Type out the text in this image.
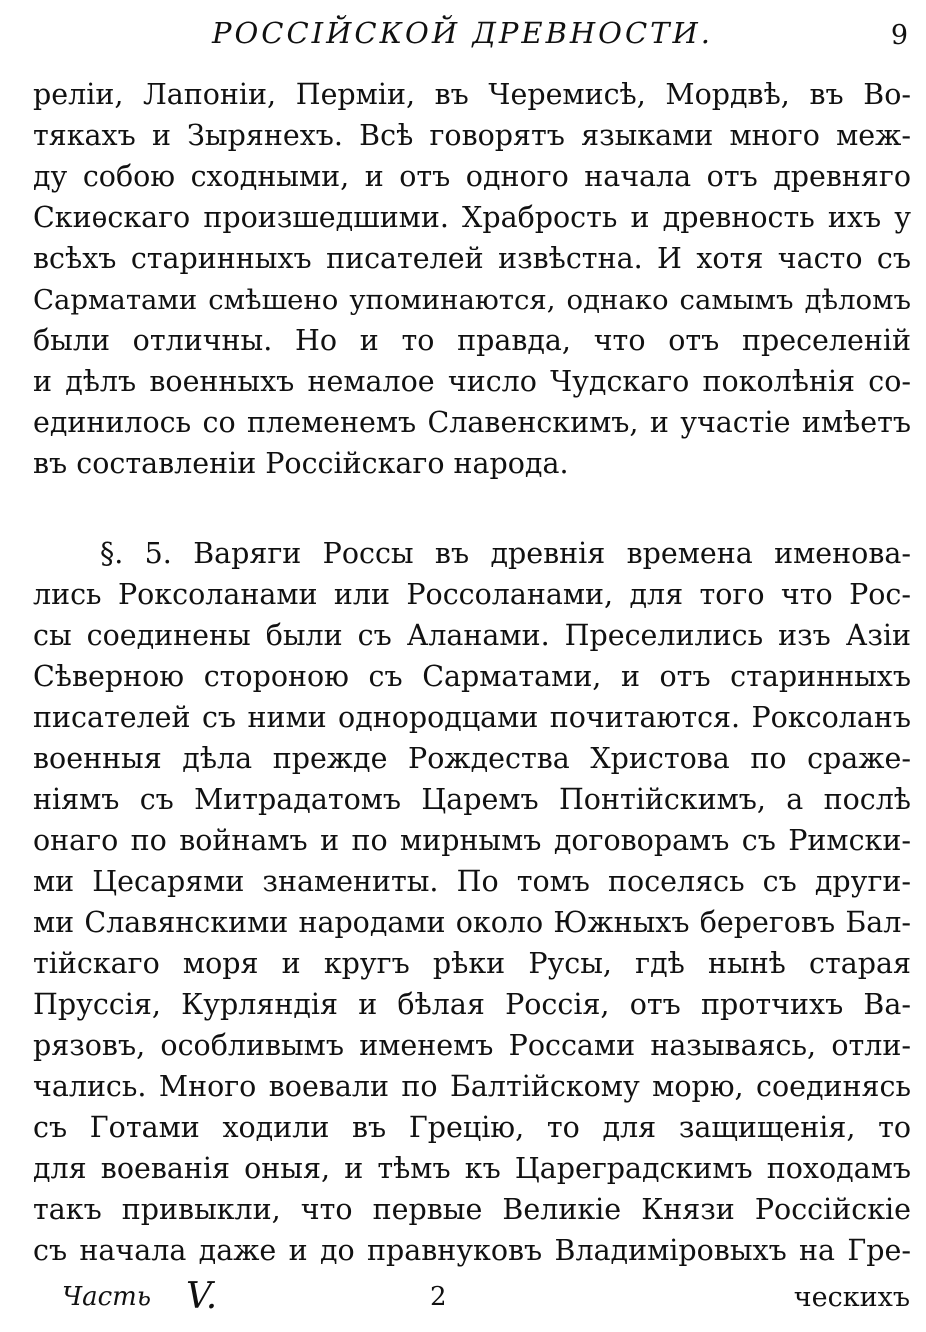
РОССІЙСКОЙ ДРЕВНОСТИ.	9
реліи, Лапоніи, Перміи, въ Черемисѣ, Мордвѣ, въ Во-
тякахъ и Зырянехъ. Всѣ говорятъ языками много меж-
ду собою сходными, и отъ одного начала отъ древняго
Скиѳскаго произшедшими. Храбрость и древность ихъ у
всѣхъ старинныхъ писателей извѣстна. И хотя часто съ
Сарматами смѣшено упоминаются, однако самымъ дѣломъ
были отличны. Но и то правда, что отъ преселеній
и дѣлъ военныхъ немалое число Чудскаго поколѣнія со-
единилось со племенемъ Славенскимъ, и участіе имѣетъ
въ составленіи Россійскаго народа.
§. 5. Варяги Россы въ древнія времена именова-
лись Роксоланами или Россоланами, для того что Рос-
сы соединены были съ Аланами. Преселились изъ Азіи
Сѣверною стороною съ Сарматами, и отъ старинныхъ
писателей съ ними однородцами почитаются. Роксоланъ
военныя дѣла прежде Рождества Христова по сраже-
ніямъ съ Митрадатомъ Царемъ Понтійскимъ, а послѣ
онаго по войнамъ и по мирнымъ договорамъ съ Римски-
ми Цесарями знамениты. По томъ поселясь съ други-
ми Славянскими народами около Южныхъ береговъ Бал-
тійскаго моря и кругъ рѣки Русы, гдѣ нынѣ старая
Пруссія, Курляндія и бѣлая Россія, отъ протчихъ Ва-
рязовъ, особливымъ именемъ Россами называясь, отли-
чались. Много воевали по Балтійскому морю, соединясь
съ Готами ходили въ Грецію, то для защищенія, то
для воеванія оныя, и тѣмъ къ Цареградскимъ походамъ
такъ привыкли, что первые Великіе Князи Россійскіе
съ начала даже и до правнуковъ Владиміровыхъ на Гре-
Часть V.	2	ческихъ
